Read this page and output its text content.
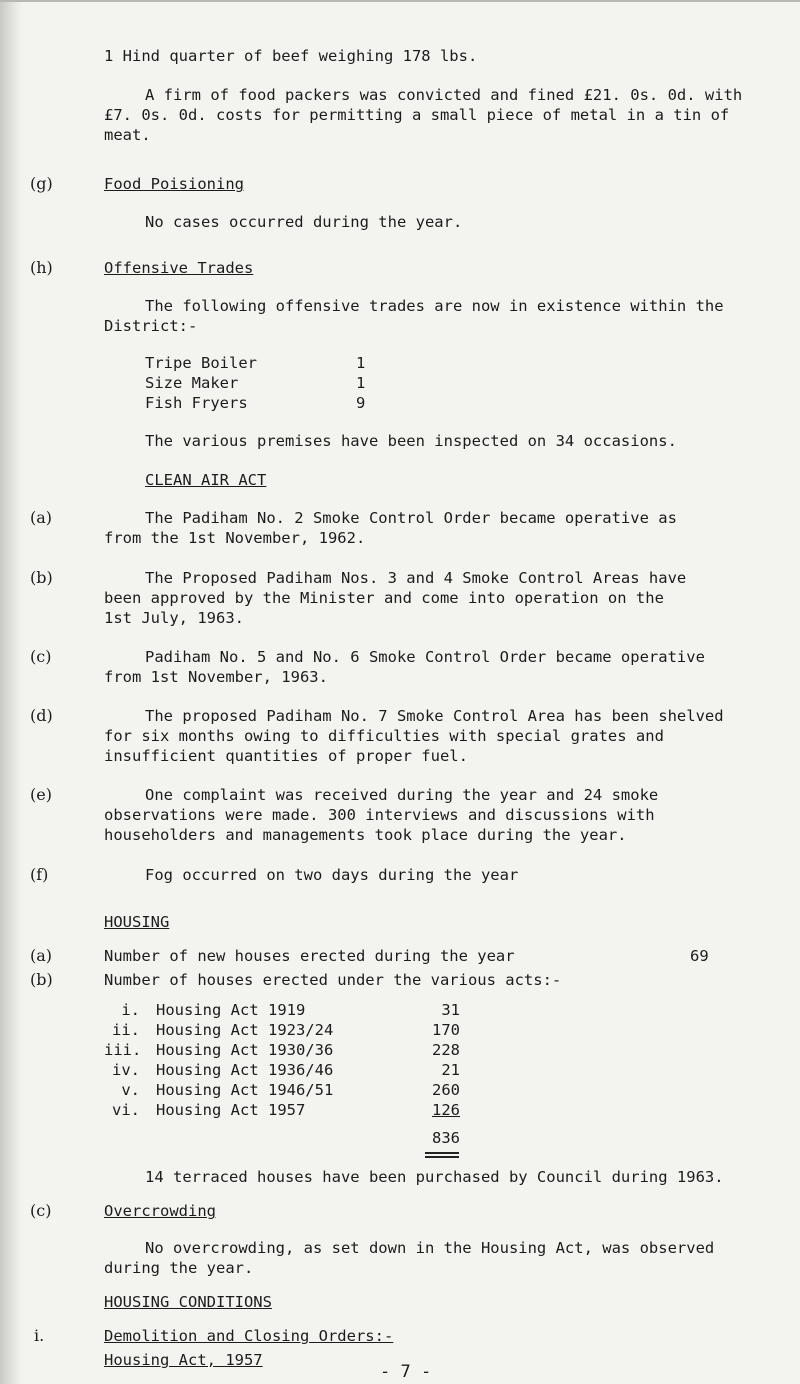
1 Hind quarter of beef weighing 178 lbs.
A firm of food packers was convicted and fined £21. 0s. 0d. with
£7. 0s. 0d. costs for permitting a small piece of metal in a tin of
meat.
(g)	Food Poisioning
No cases occurred during the year.
(h)	Offensive Trades
The following offensive trades are now in existence within the
District:-
Tripe Boiler	1
Size Maker	1
Fish Fryers	9
The various premises have been inspected on 34 occasions.
CLEAN AIR ACT
(a)	The Padiham No. 2 Smoke Control Order became operative as
from the 1st November, 1962.
(b)	The Proposed Padiham Nos. 3 and 4 Smoke Control Areas have
been approved by the Minister and come into operation on the
1st July, 1963.
(c)	Padiham No. 5 and No. 6 Smoke Control Order became operative
from 1st November, 1963.
(d)	The proposed Padiham No. 7 Smoke Control Area has been shelved
for six months owing to difficulties with special grates and
insufficient quantities of proper fuel.
(e)	One complaint was received during the year and 24 smoke
observations were made. 300 interviews and discussions with
householders and managements took place during the year.
(f)	Fog occurred on two days during the year
HOUSING
(a)	Number of new houses erected during the year	69
(b)	Number of houses erected under the various acts:-
i. Housing Act 1919	31
ii. Housing Act 1923/24	170
iii. Housing Act 1930/36	228
iv. Housing Act 1936/46	21
v. Housing Act 1946/51	260
vi. Housing Act 1957	126
836
14 terraced houses have been purchased by Council during 1963.
(c)	Overcrowding
No overcrowding, as set down in the Housing Act, was observed
during the year.
HOUSING CONDITIONS
i.	Demolition and Closing Orders:-
Housing Act, 1957
- 7 -
